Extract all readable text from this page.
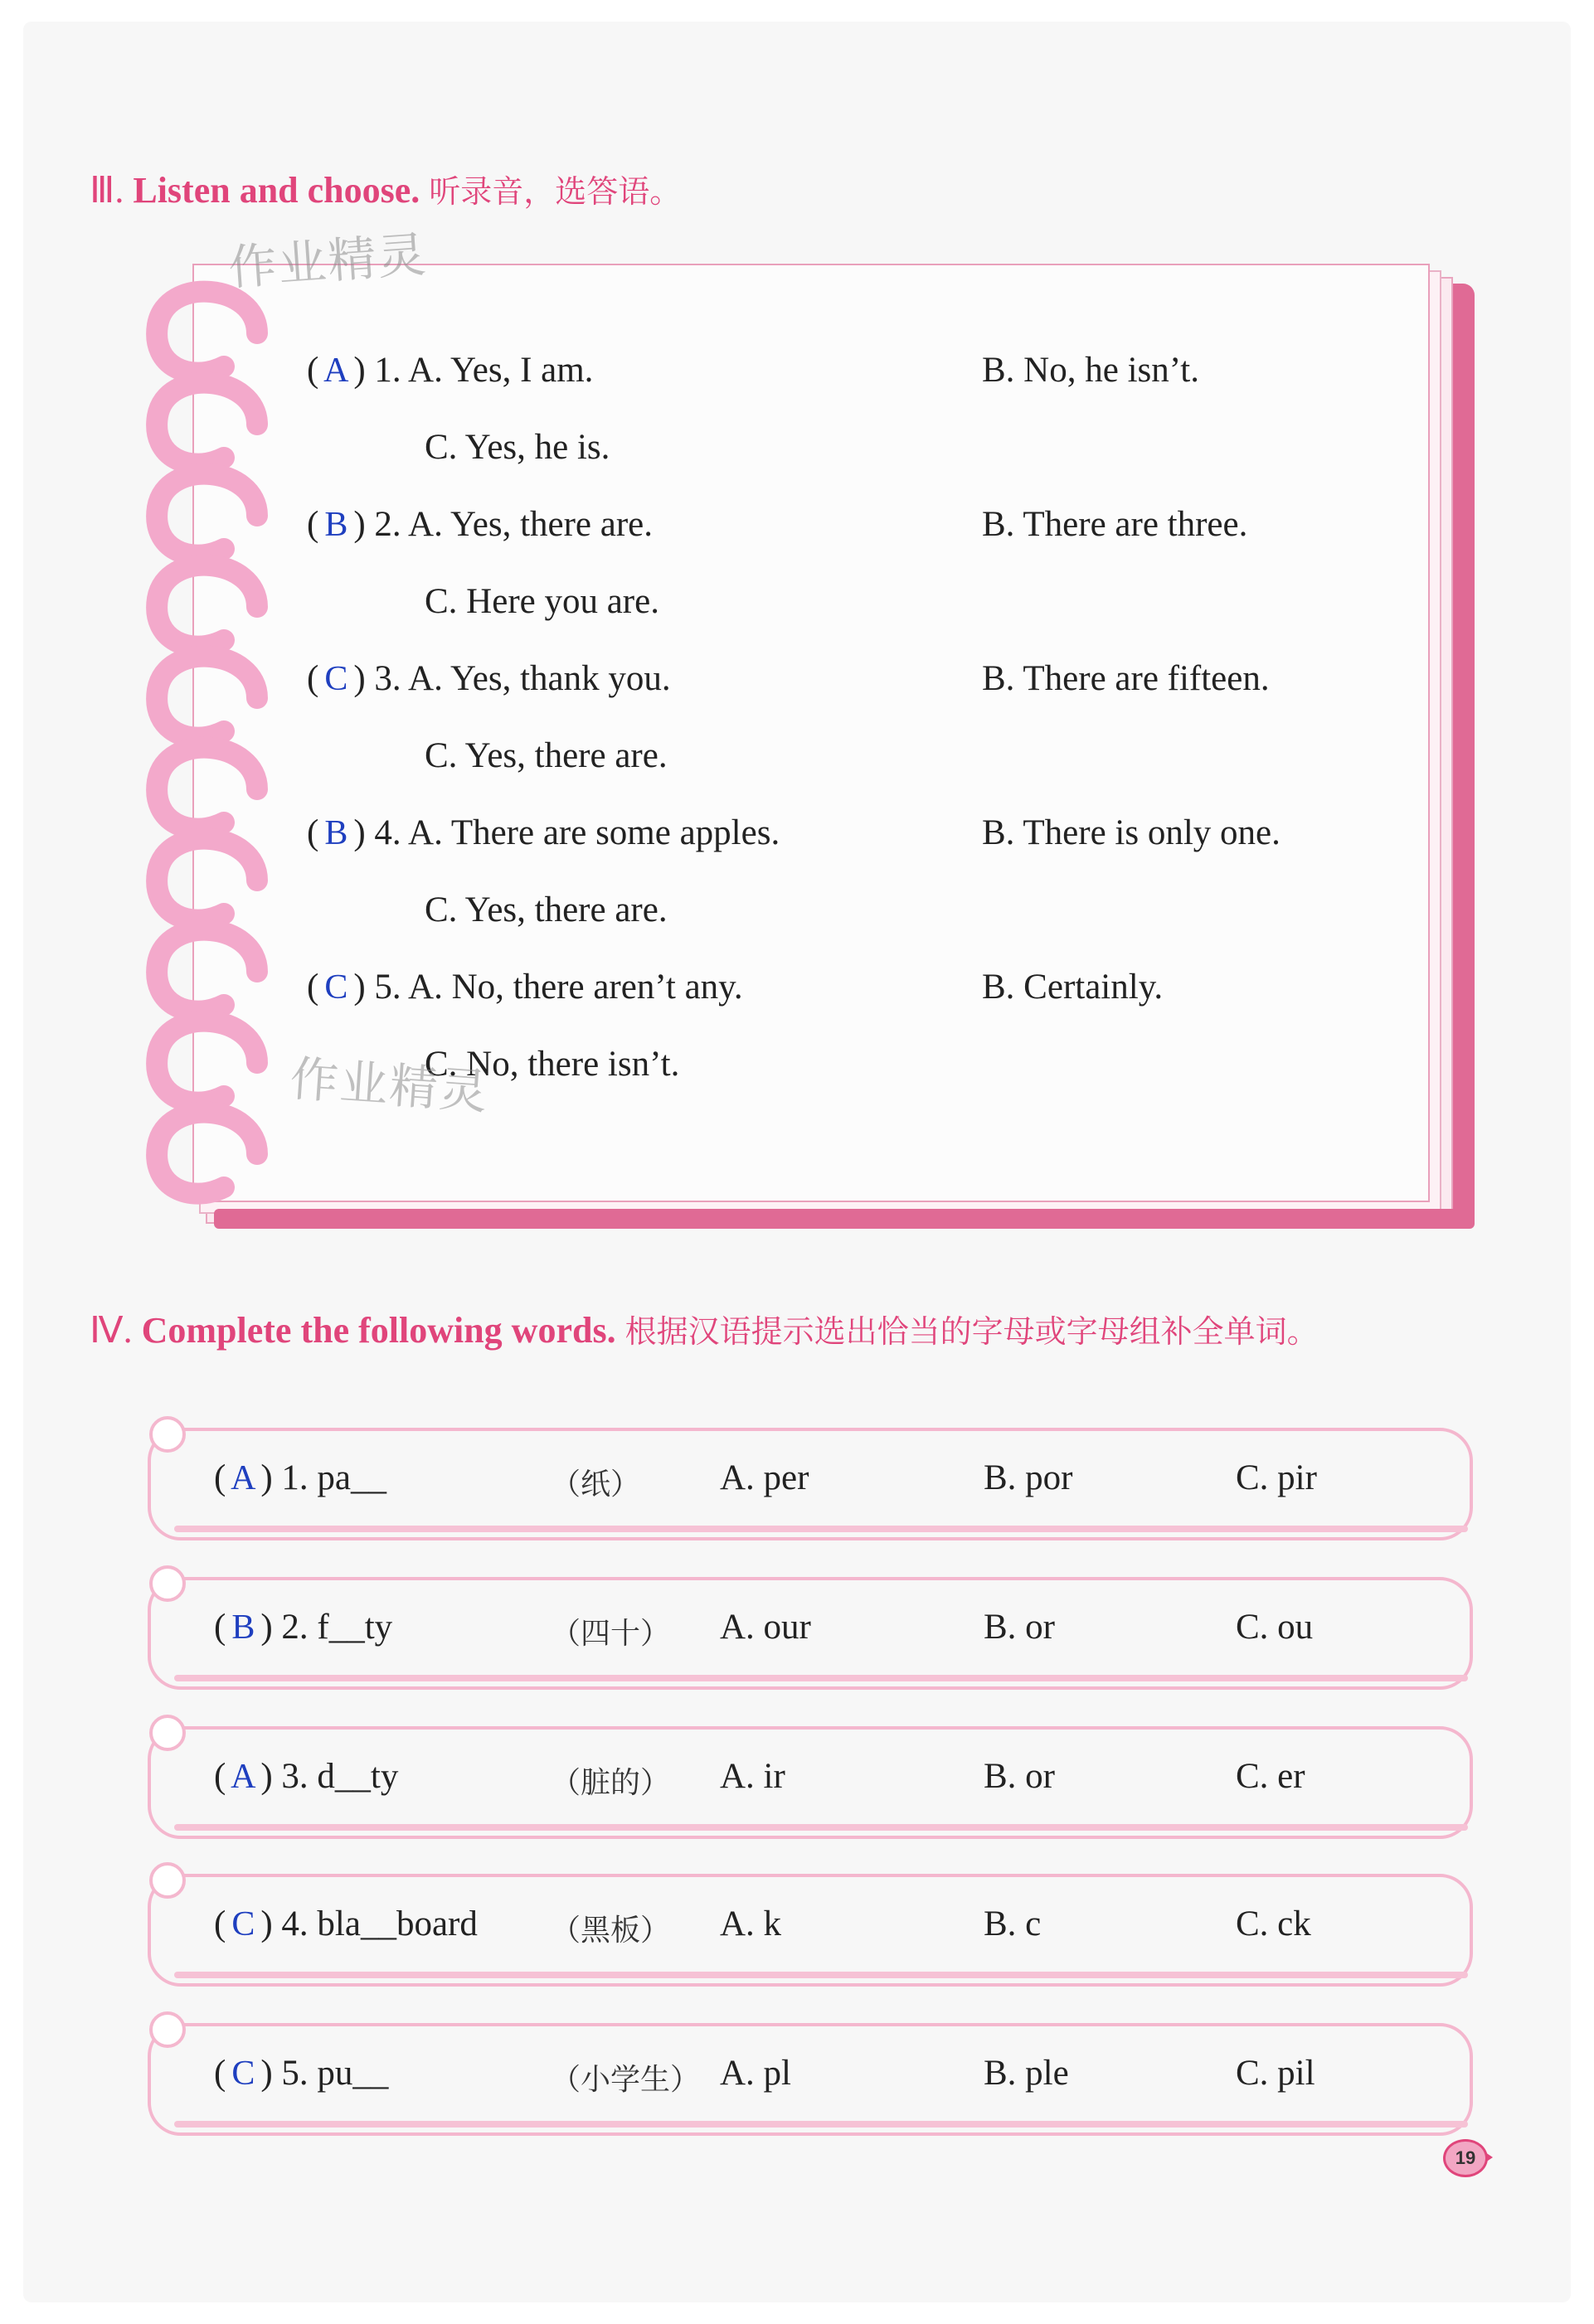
Ⅲ. Listen and choose. 听录音，选答语。
( A ) 1. A. Yes, I am.	B. No, he isn’t.
C. Yes, he is.
( B ) 2. A. Yes, there are.	B. There are three.
C. Here you are.
( C ) 3. A. Yes, thank you.	B. There are fifteen.
C. Yes, there are.
( B ) 4. A. There are some apples.	B. There is only one.
C. Yes, there are.
( C ) 5. A. No, there aren’t any.	B. Certainly.
C. No, there isn’t.
作业精灵
作业精灵
Ⅳ. Complete the following words. 根据汉语提示选出恰当的字母或字母组补全单词。
( A ) 1. pa__	（纸） A. per	B. por	C. pir
( B ) 2. f__ty	（四十） A. our	B. or	C. ou
( A ) 3. d__ty	（脏的） A. ir	B. or	C. er
( C ) 4. bla__board （黑板） A. k	B. c	C. ck
( C ) 5. pu__	（小学生） A. pl	B. ple	C. pil
19
